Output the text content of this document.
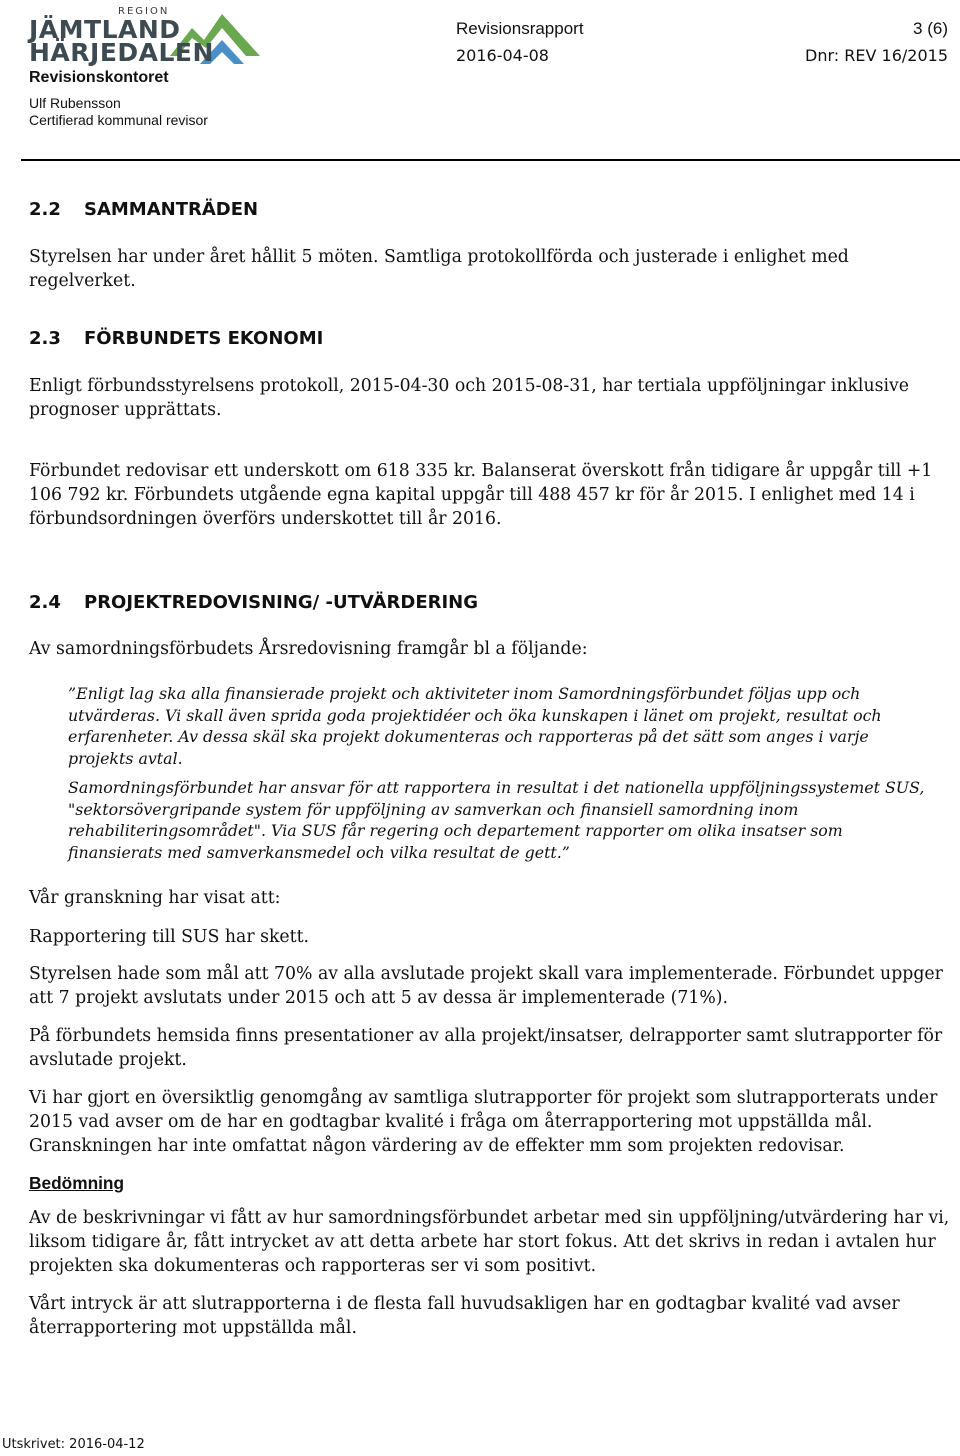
REGION
JÄMTLAND
HÄRJEDALEN
Revisionskontoret
Ulf Rubensson
Certifierad kommunal revisor
Revisionsrapport	3 (6)
2016-04-08	Dnr: REV 16/2015
2.2 SAMMANTRÄDEN
Styrelsen har under året hållit 5 möten. Samtliga protokollförda och justerade i enlighet med regelverket.
2.3 FÖRBUNDETS EKONOMI
Enligt förbundsstyrelsens protokoll, 2015-04-30 och 2015-08-31, har tertiala uppföljningar inklusive prognoser upprättats.
Förbundet redovisar ett underskott om 618 335 kr. Balanserat överskott från tidigare år uppgår till +1 106 792 kr. Förbundets utgående egna kapital uppgår till 488 457 kr för år 2015. I enlighet med 14 i förbundsordningen överförs underskottet till år 2016.
2.4 PROJEKTREDOVISNING/ -UTVÄRDERING
Av samordningsförbudets Årsredovisning framgår bl a följande:
”Enligt lag ska alla finansierade projekt och aktiviteter inom Samordningsförbundet följas upp och utvärderas. Vi skall även sprida goda projektidéer och öka kunskapen i länet om projekt, resultat och erfarenheter. Av dessa skäl ska projekt dokumenteras och rapporteras på det sätt som anges i varje projekts avtal.
Samordningsförbundet har ansvar för att rapportera in resultat i det nationella uppföljningssystemet SUS, "sektorsövergripande system för uppföljning av samverkan och finansiell samordning inom rehabiliteringsområdet". Via SUS får regering och departement rapporter om olika insatser som finansierats med samverkansmedel och vilka resultat de gett.”
Vår granskning har visat att:
Rapportering till SUS har skett.
Styrelsen hade som mål att 70% av alla avslutade projekt skall vara implementerade. Förbundet uppger att 7 projekt avslutats under 2015 och att 5 av dessa är implementerade (71%).
På förbundets hemsida finns presentationer av alla projekt/insatser, delrapporter samt slutrapporter för avslutade projekt.
Vi har gjort en översiktlig genomgång av samtliga slutrapporter för projekt som slutrapporterats under 2015 vad avser om de har en godtagbar kvalité i fråga om återrapportering mot uppställda mål. Granskningen har inte omfattat någon värdering av de effekter mm som projekten redovisar.
Bedömning
Av de beskrivningar vi fått av hur samordningsförbundet arbetar med sin uppföljning/utvärdering har vi, liksom tidigare år, fått intrycket av att detta arbete har stort fokus. Att det skrivs in redan i avtalen hur projekten ska dokumenteras och rapporteras ser vi som positivt.
Vårt intryck är att slutrapporterna i de flesta fall huvudsakligen har en godtagbar kvalité vad avser återrapportering mot uppställda mål.
Utskrivet: 2016-04-12
